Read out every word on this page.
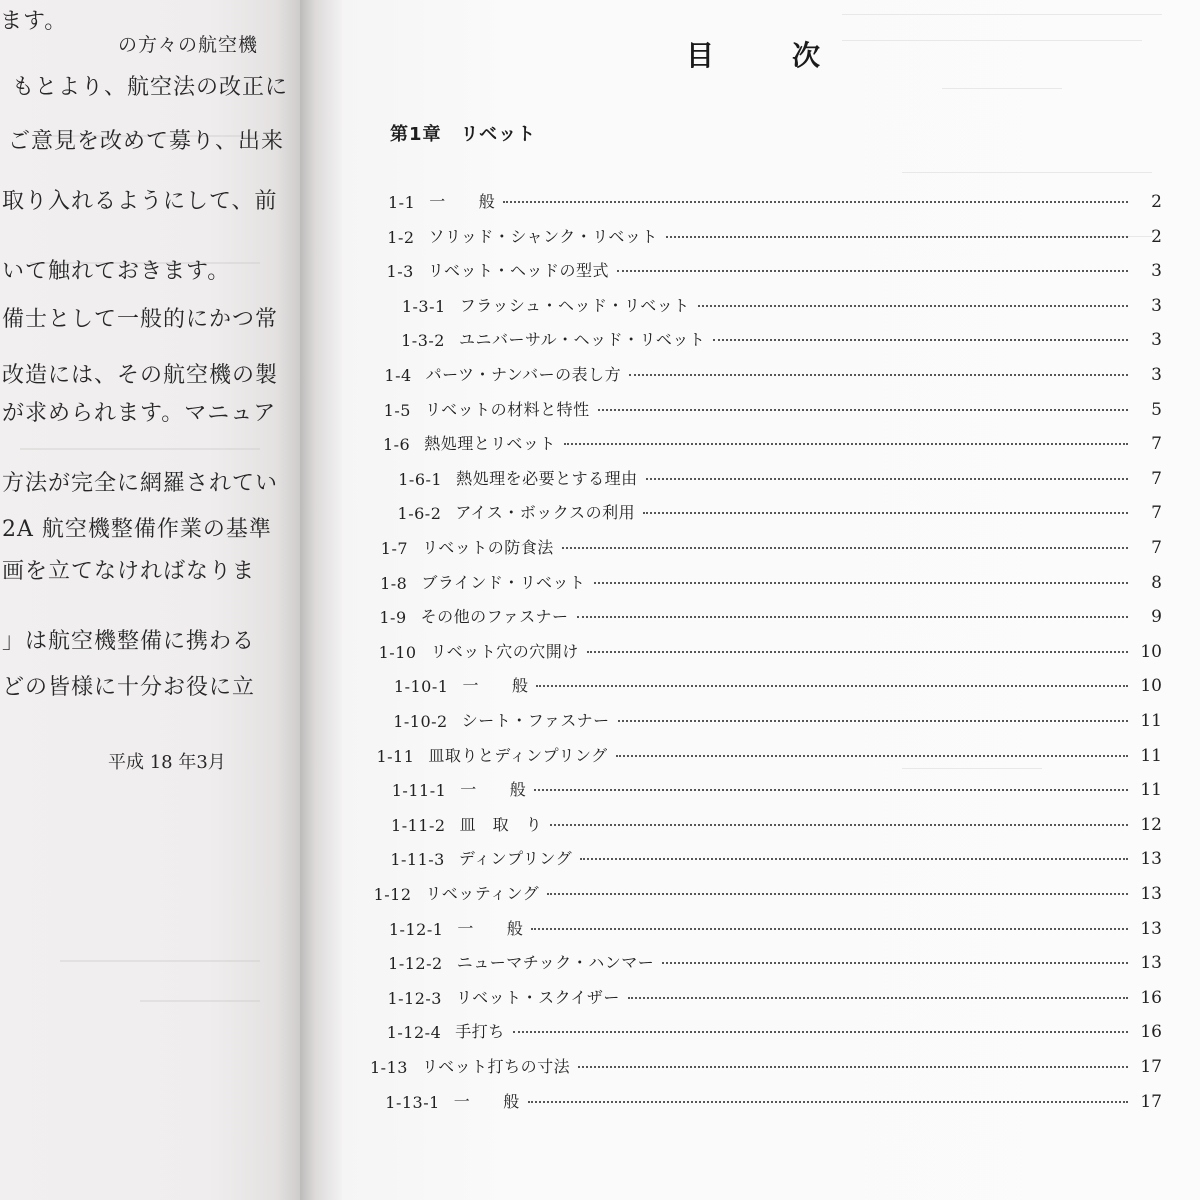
ます。
の方々の航空機
もとより、航空法の改正に
ご意見を改めて募り、出来
取り入れるようにして、前
いて触れておきます。
備士として一般的にかつ常
改造には、その航空機の製
が求められます。マニュア
方法が完全に網羅されてい
2A 航空機整備作業の基準
画を立てなければなりま
」は航空機整備に携わる
どの皆様に十分お役に立
平成 18 年3月
目次
第1章　リベット
1-1 一　　般	2
1-2 ソリッド・シャンク・リベット	2
1-3 リベット・ヘッドの型式	3
1-3-1 フラッシュ・ヘッド・リベット	3
1-3-2 ユニバーサル・ヘッド・リベット	3
1-4 パーツ・ナンバーの表し方	3
1-5 リベットの材料と特性	5
1-6 熱処理とリベット	7
1-6-1 熱処理を必要とする理由	7
1-6-2 アイス・ボックスの利用	7
1-7 リベットの防食法	7
1-8 ブラインド・リベット	8
1-9 その他のファスナー	9
1-10 リベット穴の穴開け	10
1-10-1 一　　般	10
1-10-2 シート・ファスナー	11
1-11 皿取りとディンプリング	11
1-11-1 一　　般	11
1-11-2 皿　取　り	12
1-11-3 ディンプリング	13
1-12 リベッティング	13
1-12-1 一　　般	13
1-12-2 ニューマチック・ハンマー	13
1-12-3 リベット・スクイザー	16
1-12-4 手打ち	16
1-13 リベット打ちの寸法	17
1-13-1 一　　般	17
